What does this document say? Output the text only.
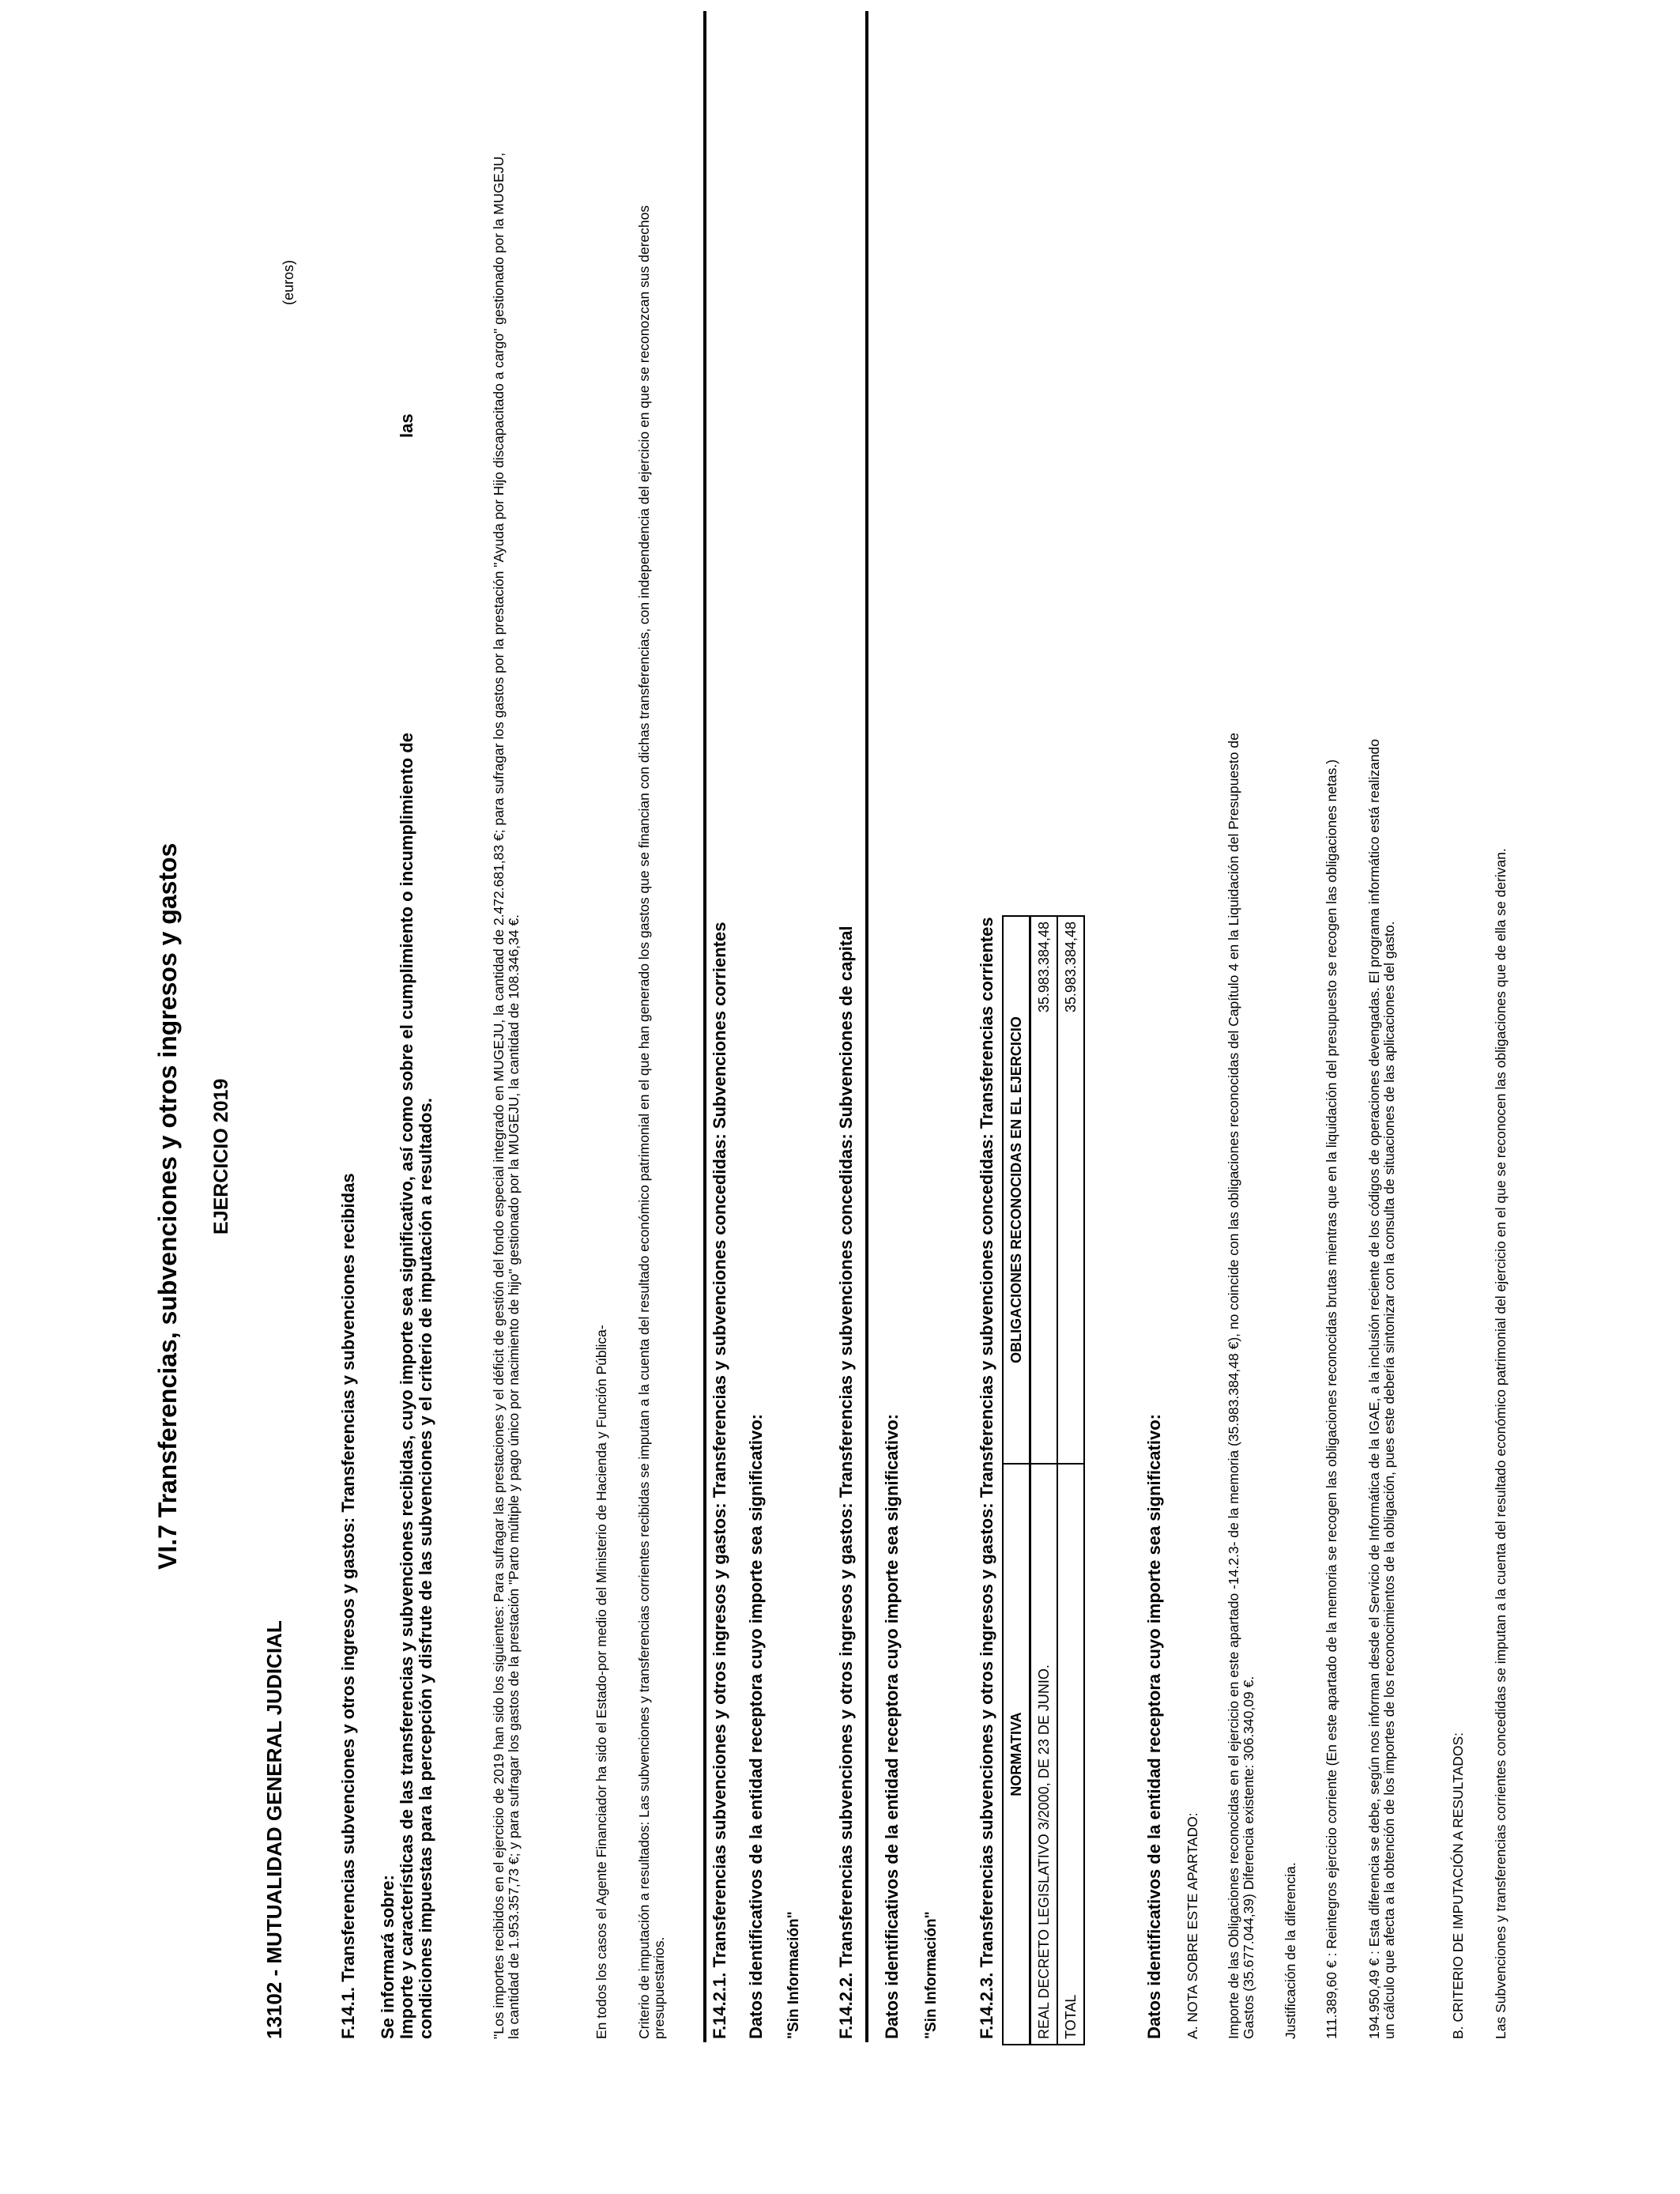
VI.7 Transferencias, subvenciones y otros ingresos y gastos EJERCICIO 2019
13102 - MUTUALIDAD GENERAL JUDICIAL
(euros)
F.14.1. Transferencias subvenciones y otros ingresos y gastos: Transferencias y subvenciones recibidas Se informará sobre: Importe y características de las transferencias y subvenciones recibidas, cuyo importe sea significativo, así como sobre el cumplimiento o incumplimiento de
las
condiciones impuestas para la percepción y disfrute de las subvenciones y el criterio de imputación a resultados.	"Los importes recibidos en el ejercicio de 2019 han sido los siguientes: Para sufragar las prestaciones y el déficit de gestión del fondo especial integrado en MUGEJU, la cantidad de 2.472.681,83 €; para sufragar los gastos por la prestación "Ayuda por Hijo discapacitado a cargo" gestionado por la MUGEJU, la cantidad de 1.953.357,73 €; y para sufragar los gastos de la prestación "Parto múltiple y pago único por nacimiento de hijo" gestionado por la MUGEJU, la cantidad de 108.346,34 €.	En todos los casos el Agente Financiador ha sido el Estado-por medio del Ministerio de Hacienda y Función Pública- Criterio de imputación a resultados: Las subvenciones y transferencias corrientes recibidas se imputan a la cuenta del resultado económico patrimonial en el que han generado los gastos que se financian con dichas transferencias, con independencia del ejercicio en que se reconozcan sus derechos presupuestarios. F.14.2.1. Transferencias subvenciones y otros ingresos y gastos: Transferencias y subvenciones concedidas: Subvenciones corrientes Datos identificativos de la entidad receptora cuyo importe sea significativo: "Sin Información" F.14.2.2. Transferencias subvenciones y otros ingresos y gastos: Transferencias y subvenciones concedidas: Subvenciones de capital Datos identificativos de la entidad receptora cuyo importe sea significativo: "Sin Información" F.14.2.3. Transferencias subvenciones y otros ingresos y gastos: Transferencias y subvenciones concedidas: Transferencias corrientes NORMATIVA	OBLIGACIONES RECONOCIDAS EN EL EJERCICIO
REAL DECRETO LEGISLATIVO 3/2000, DE 23 DE JUNIO.	35.983.384,48
TOTAL	35.983.384,48
Datos identificativos de la entidad receptora cuyo importe sea significativo: A. NOTA SOBRE ESTE APARTADO: Importe de las Obligaciones reconocidas en el ejercicio en este apartado -14.2.3- de la memoria (35.983.384,48 €), no coincide con las obligaciones reconocidas del Capítulo 4 en la Liquidación del Presupuesto de Gastos (35.677.044,39) Diferencia existente: 306.340,09 €. Justificación de la diferencia. 111.389,60 € : Reintegros ejercicio corriente (En este apartado de la memoria se recogen las obligaciones reconocidas brutas mientras que en la liquidación del presupuesto se recogen las obligaciones netas.) 194.950,49 € : Esta diferencia se debe, según nos informan desde el Servicio de Informática de la IGAE, a la inclusión reciente de los códigos de operaciones devengadas. El programa informático está realizando un cálculo que afecta a la obtención de los importes de los reconocimientos de la obligación, pues este debería sintonizar con la consulta de situaciones de las aplicaciones del gasto.	B. CRITERIO DE IMPUTACIÓN A RESULTADOS: Las Subvenciones y transferencias corrientes concedidas se imputan a la cuenta del resultado económico patrimonial del ejercicio en el que se reconocen las obligaciones que de ella se derivan.
